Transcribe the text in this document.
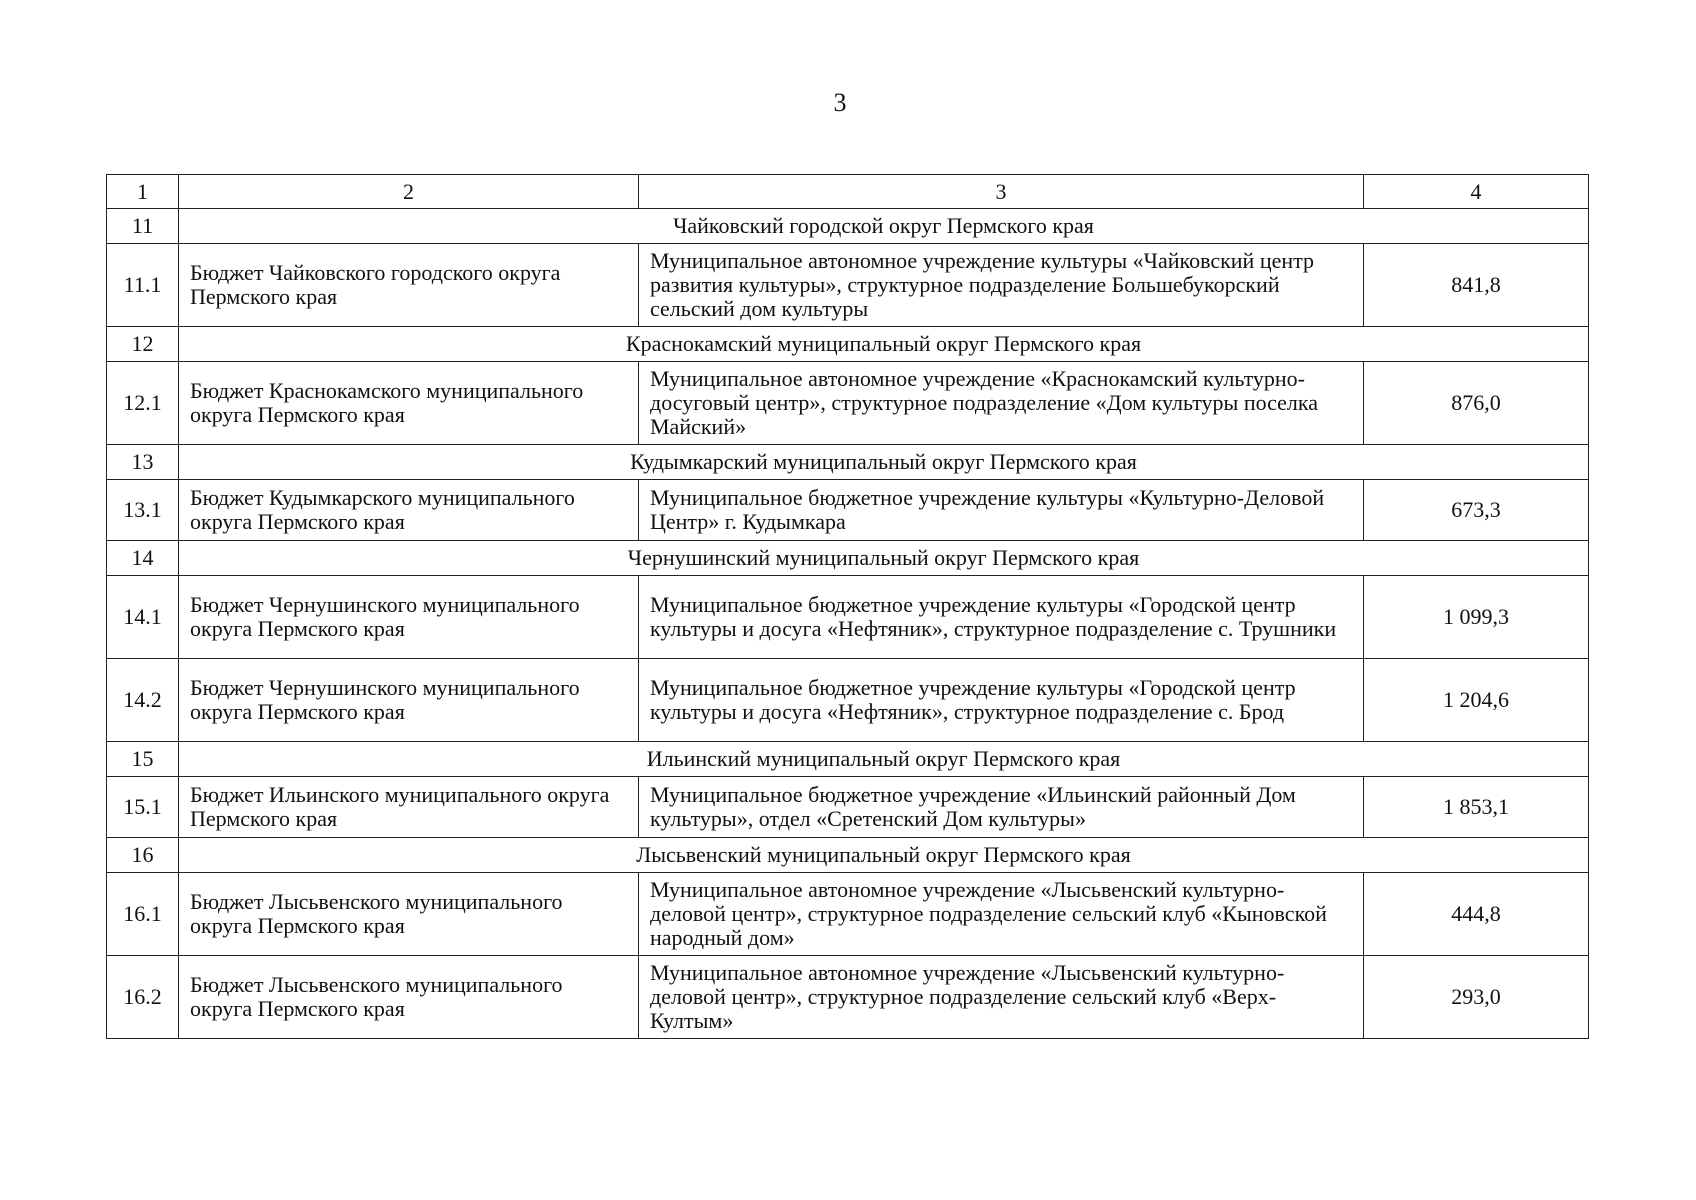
3
1	2	3	4
11	Чайковский городской округ Пермского края		
11.1	Бюджет Чайковского городского округа Пермского края	Муниципальное автономное учреждение культуры «Чайковский центр развития культуры», структурное подразделение Большебукорский сельский дом культуры	841,8
12	Краснокамский муниципальный округ Пермского края		
12.1	Бюджет Краснокамского муниципального округа Пермского края	Муниципальное автономное учреждение «Краснокамский культурно-досуговый центр», структурное подразделение «Дом культуры поселка Майский»	876,0
13	Кудымкарский муниципальный округ Пермского края		
13.1	Бюджет Кудымкарского муниципального округа Пермского края	Муниципальное бюджетное учреждение культуры «Культурно-Деловой Центр» г. Кудымкара	673,3
14	Чернушинский муниципальный округ Пермского края		
14.1	Бюджет Чернушинского муниципального округа Пермского края	Муниципальное бюджетное учреждение культуры «Городской центр культуры и досуга «Нефтяник», структурное подразделение с. Трушники	1 099,3
14.2	Бюджет Чернушинского муниципального округа Пермского края	Муниципальное бюджетное учреждение культуры «Городской центр культуры и досуга «Нефтяник», структурное подразделение с. Брод	1 204,6
15	Ильинский муниципальный округ Пермского края		
15.1	Бюджет Ильинского муниципального округа Пермского края	Муниципальное бюджетное учреждение «Ильинский районный Дом культуры», отдел «Сретенский Дом культуры»	1 853,1
16	Лысьвенский муниципальный округ Пермского края		
16.1	Бюджет Лысьвенского муниципального округа Пермского края	Муниципальное автономное учреждение «Лысьвенский культурно-деловой центр», структурное подразделение сельский клуб «Кыновской народный дом»	444,8
16.2	Бюджет Лысьвенского муниципального округа Пермского края	Муниципальное автономное учреждение «Лысьвенский культурно-деловой центр», структурное подразделение сельский клуб «Верх-Култым»	293,0
